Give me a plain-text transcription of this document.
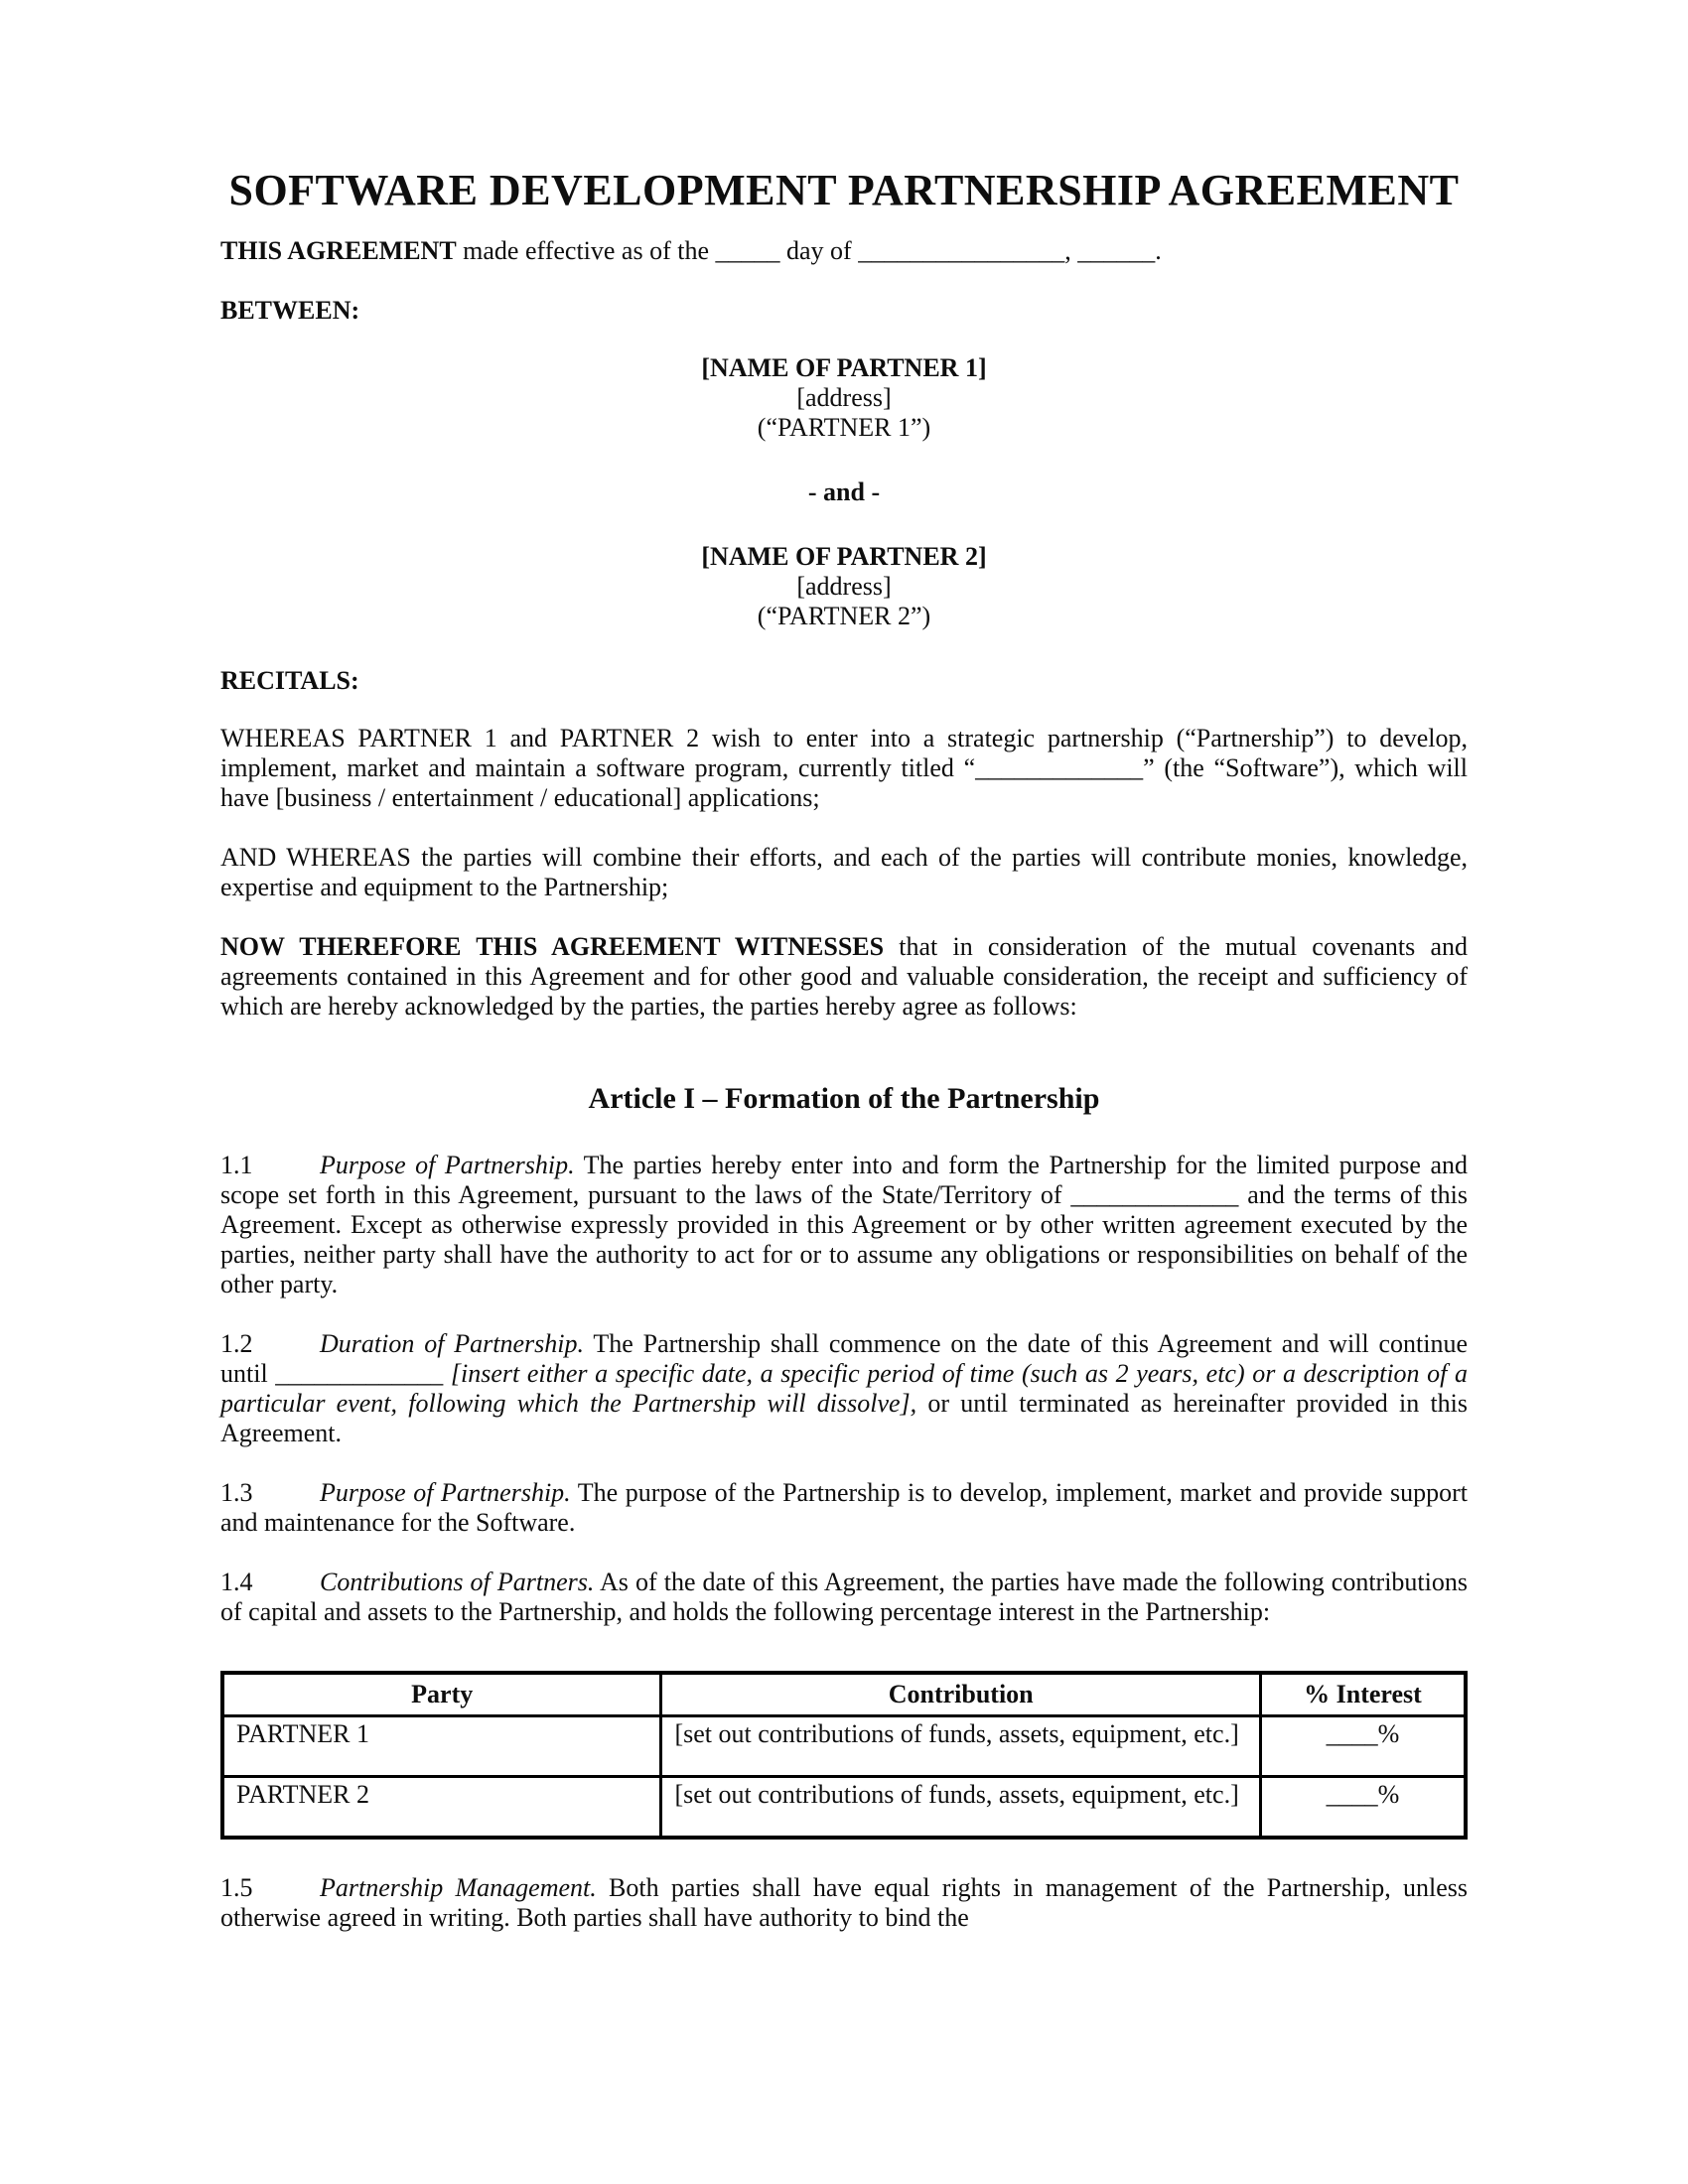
SOFTWARE DEVELOPMENT PARTNERSHIP AGREEMENT

THIS AGREEMENT made effective as of the _____ day of ________________, ______.

BETWEEN:

[NAME OF PARTNER 1]
[address]
(“PARTNER 1”)
- and -
[NAME OF PARTNER 2]
[address]
(“PARTNER 2”)

RECITALS:

WHEREAS PARTNER 1 and PARTNER 2 wish to enter into a strategic partnership (“Partnership”) to develop, implement, market and maintain a software program, currently titled “_____________” (the “Software”), which will have [business / entertainment / educational] applications;

AND WHEREAS the parties will combine their efforts, and each of the parties will contribute monies, knowledge, expertise and equipment to the Partnership;

NOW THEREFORE THIS AGREEMENT WITNESSES that in consideration of the mutual covenants and agreements contained in this Agreement and for other good and valuable consideration, the receipt and sufficiency of which are hereby acknowledged by the parties, the parties hereby agree as follows:

Article I – Formation of the Partnership

1.1	Purpose of Partnership. The parties hereby enter into and form the Partnership for the limited purpose and scope set forth in this Agreement, pursuant to the laws of the State/Territory of _____________ and the terms of this Agreement. Except as otherwise expressly provided in this Agreement or by other written agreement executed by the parties, neither party shall have the authority to act for or to assume any obligations or responsibilities on behalf of the other party.

1.2	Duration of Partnership. The Partnership shall commence on the date of this Agreement and will continue until _____________ [insert either a specific date, a specific period of time (such as 2 years, etc) or a description of a particular event, following which the Partnership will dissolve], or until terminated as hereinafter provided in this Agreement.

1.3	Purpose of Partnership. The purpose of the Partnership is to develop, implement, market and provide support and maintenance for the Software.

1.4	Contributions of Partners. As of the date of this Agreement, the parties have made the following contributions of capital and assets to the Partnership, and holds the following percentage interest in the Partnership:

Party	Contribution	% Interest
PARTNER 1	[set out contributions of funds, assets, equipment, etc.]	____%
PARTNER 2	[set out contributions of funds, assets, equipment, etc.]	____%

1.5	Partnership Management. Both parties shall have equal rights in management of the Partnership, unless otherwise agreed in writing. Both parties shall have authority to bind the
